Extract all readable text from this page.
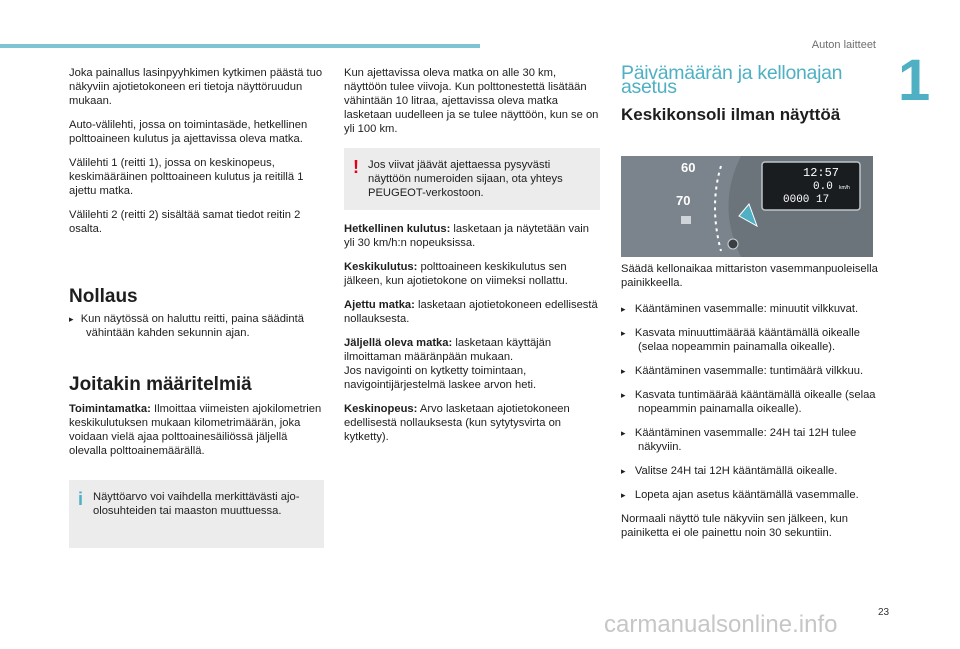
Auton laitteet
1

Joka painallus lasinpyyhkimen kytkimen päästä tuo näkyviin ajotietokoneen eri tietoja näyttöruudun mukaan.

Auto-välilehti, jossa on toimintasäde, hetkellinen polttoaineen kulutus ja ajettavissa oleva matka.

Välilehti 1 (reitti 1), jossa on keskinopeus, keskimääräinen polttoaineen kulutus ja reitillä 1 ajettu matka.

Välilehti 2 (reitti 2) sisältää samat tiedot reitin 2 osalta.

Nollaus

▸  Kun näytössä on haluttu reitti, paina säädintä vähintään kahden sekunnin ajan.

Joitakin määritelmiä

Toimintamatka: Ilmoittaa viimeisten ajokilometrien keskikulutuksen mukaan kilometrimäärän, joka voidaan vielä ajaa polttoainesäiliössä jäljellä olevalla polttoainemäärällä.

i Näyttöarvo voi vaihdella merkittävästi ajo-olosuhteiden tai maaston muuttuessa.

Kun ajettavissa oleva matka on alle 30 km, näyttöön tulee viivoja. Kun polttonestettä lisätään vähintään 10 litraa, ajettavissa oleva matka lasketaan uudelleen ja se tulee näyttöön, kun se on yli 100 km.

! Jos viivat jäävät ajettaessa pysyvästi näyttöön numeroiden sijaan, ota yhteys PEUGEOT-verkostoon.

Hetkellinen kulutus: lasketaan ja näytetään vain yli 30 km/h:n nopeuksissa.

Keskikulutus: polttoaineen keskikulutus sen jälkeen, kun ajotietokone on viimeksi nollattu.

Ajettu matka: lasketaan ajotietokoneen edellisestä nollauksesta.

Jäljellä oleva matka: lasketaan käyttäjän ilmoittaman määränpään mukaan.
Jos navigointi on kytketty toimintaan, navigointijärjestelmä laskee arvon heti.

Keskinopeus: Arvo lasketaan ajotietokoneen edellisestä nollauksesta (kun sytytysvirta on kytketty).

Päivämäärän ja kellonajan asetus
Keskikonsoli ilman näyttöä
60
70
12:57
0.0
0000 17
km/h

Säädä kellonaikaa mittariston vasemmanpuoleisella painikkeella.

▸ Kääntäminen vasemmalle: minuutit vilkkuvat.

▸ Kasvata minuuttimäärää kääntämällä oikealle (selaa nopeammin painamalla oikealle).

▸ Kääntäminen vasemmalle: tuntimäärä vilkkuu.

▸ Kasvata tuntimäärää kääntämällä oikealle (selaa nopeammin painamalla oikealle).

▸ Kääntäminen vasemmalle: 24H tai 12H tulee näkyviin.

▸ Valitse 24H tai 12H kääntämällä oikealle.

▸ Lopeta ajan asetus kääntämällä vasemmalle.

Normaali näyttö tule näkyviin sen jälkeen, kun painiketta ei ole painettu noin 30 sekuntiin.

23
carmanualsonline.info
